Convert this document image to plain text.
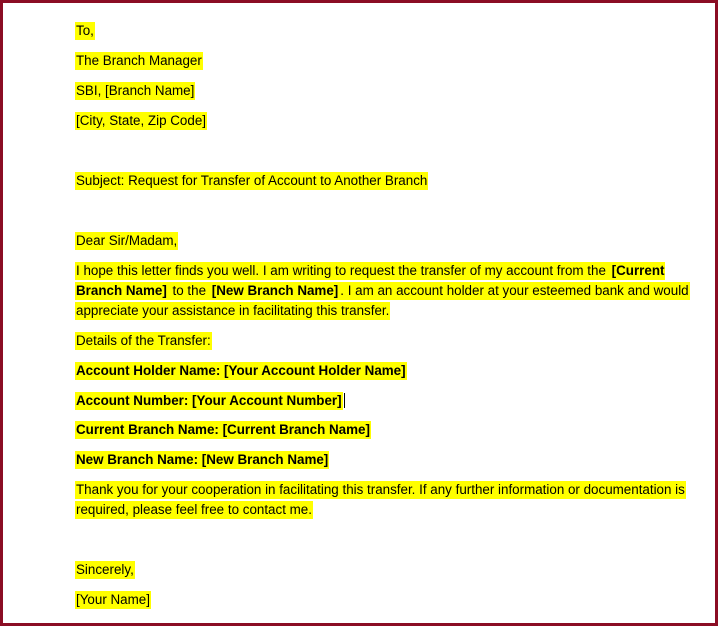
To,
The Branch Manager
SBI, [Branch Name]
[City, State, Zip Code]
Subject: Request for Transfer of Account to Another Branch
Dear Sir/Madam,
I hope this letter finds you well. I am writing to request the transfer of my account from the [Current Branch Name] to the [New Branch Name] . I am an account holder at your esteemed bank and would appreciate your assistance in facilitating this transfer.
Details of the Transfer:
Account Holder Name: [Your Account Holder Name]
Account Number: [Your Account Number]
Current Branch Name: [Current Branch Name]
New Branch Name: [New Branch Name]
Thank you for your cooperation in facilitating this transfer. If any further information or documentation is required, please feel free to contact me.
Sincerely,
[Your Name]
